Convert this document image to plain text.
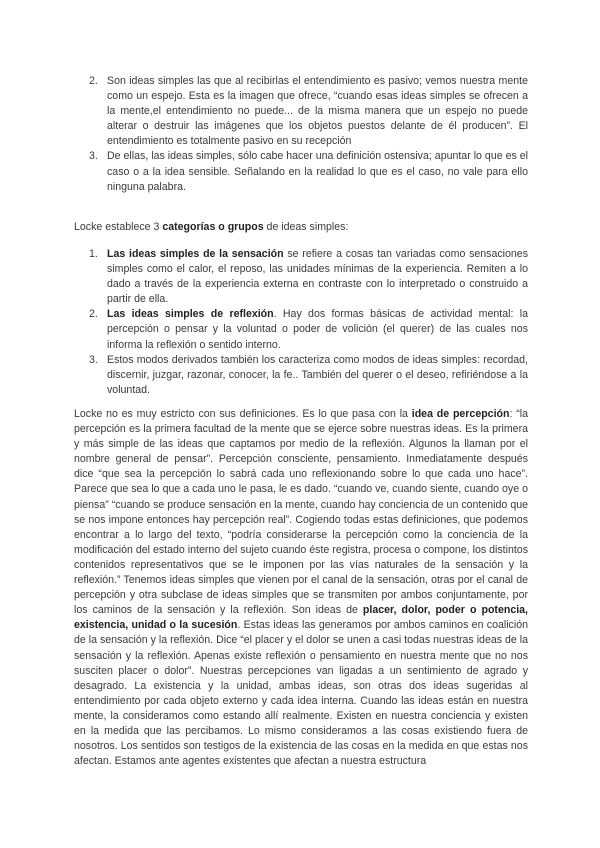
2. Son ideas simples las que al recibirlas el entendimiento es pasivo; vemos nuestra mente como un espejo. Esta es la imagen que ofrece, “cuando esas ideas simples se ofrecen a la mente,el entendimiento no puede... de la misma manera que un espejo no puede alterar o destruir las imágenes que los objetos puestos delante de él producen”. El entendimiento es totalmente pasivo en su recepción
3. De ellas, las ideas simples, sólo cabe hacer una definición ostensiva; apuntar lo que es el caso o a la idea sensible. Señalando en la realidad lo que es el caso, no vale para ello ninguna palabra.

Locke establece 3 categorías o grupos de ideas simples:

1. Las ideas simples de la sensación se refiere a cosas tan variadas como sensaciones simples como el calor, el reposo, las unidades mínimas de la experiencia. Remiten a lo dado a través de la experiencia externa en contraste con lo interpretado o construido a partir de ella.
2. Las ideas simples de reflexión. Hay dos formas básicas de actividad mental: la percepción o pensar y la voluntad o poder de volición (el querer) de las cuales nos informa la reflexión o sentido interno.
3. Estos modos derivados también los caracteriza como modos de ideas simples: recordad, discernir, juzgar, razonar, conocer, la fe.. También del querer o el deseo, refiriéndose a la voluntad.

Locke no es muy estricto con sus definiciones. Es lo que pasa con la idea de percepción: “la percepción es la primera facultad de la mente que se ejerce sobre nuestras ideas. Es la primera y más simple de las ideas que captamos por medio de la reflexión. Algunos la llaman por el nombre general de pensar”. Percepción consciente, pensamiento. Inmediatamente después dice “que sea la percepción lo sabrá cada uno reflexionando sobre lo que cada uno hace”. Parece que sea lo que a cada uno le pasa, le es dado. “cuando ve, cuando siente, cuando oye o piensa” “cuando se produce sensación en la mente, cuando hay conciencia de un contenido que se nos impone entonces hay percepción real”. Cogiendo todas estas definiciones, que podemos encontrar a lo largo del texto, “podría considerarse la percepción como la conciencia de la modificación del estado interno del sujeto cuando éste registra, procesa o compone, los distintos contenidos representativos que se le imponen por las vías naturales de la sensación y la reflexión.” Tenemos ideas simples que vienen por el canal de la sensación, otras por el canal de percepción y otra subclase de ideas simples que se transmiten por ambos conjuntamente, por los caminos de la sensación y la reflexión. Son ideas de placer, dolor, poder o potencia, existencia, unidad o la sucesión. Estas ideas las generamos por ambos caminos en coalición de la sensación y la reflexión. Dice “el placer y el dolor se unen a casi todas nuestras ideas de la sensación y la reflexión. Apenas existe reflexión o pensamiento en nuestra mente que no nos susciten placer o dolor”. Nuestras percepciones van ligadas a un sentimiento de agrado y desagrado. La existencia y la unidad, ambas ideas, son otras dos ideas sugeridas al entendimiento por cada objeto externo y cada idea interna. Cuando las ideas están en nuestra mente, la consideramos como estando allí realmente. Existen en nuestra conciencia y existen en la medida que las percibamos. Lo mismo consideramos a las cosas existiendo fuera de nosotros. Los sentidos son testigos de la existencia de las cosas en la medida en que estas nos afectan. Estamos ante agentes existentes que afectan a nuestra estructura
